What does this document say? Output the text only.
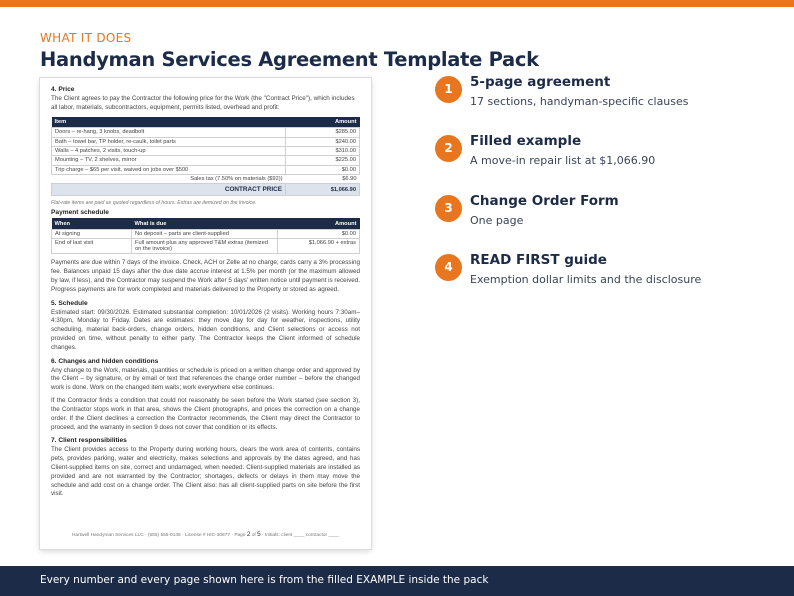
WHAT IT DOES
Handyman Services Agreement Template Pack
4. Price

The Client agrees to pay the Contractor the following price for the Work (the "Contract Price"), which includes all labor, materials, subcontractors, equipment, permits listed, overhead and profit:

Item	Amount
Doors – re-hang, 3 knobs, deadbolt	$285.00
Bath – towel bar, TP holder, re-caulk, toilet parts	$240.00
Walls – 4 patches, 2 visits, touch-up	$310.00
Mounting – TV, 2 shelves, mirror	$225.00
Trip charge – $65 per visit, waived on jobs over $500	$0.00
Sales tax (7.50% on materials ($92))	$6.90
CONTRACT PRICE	$1,066.90
Flat-rate items are paid as quoted regardless of hours. Extras are itemized on the invoice.
Payment schedule
When	What is due	Amount
At signing	No deposit – parts are client-supplied	$0.00
End of last visit	Full amount plus any approved T&M extras (itemized on the invoice)	$1,066.90 + extras

Payments are due within 7 days of the invoice. Check, ACH or Zelle at no charge; cards carry a 3% processing fee. Balances unpaid 15 days after the due date accrue interest at 1.5% per month (or the maximum allowed by law, if less), and the Contractor may suspend the Work after 5 days' written notice until payment is received. Progress payments are for work completed and materials delivered to the Property or stored as agreed.

5. Schedule

Estimated start: 09/30/2026. Estimated substantial completion: 10/01/2026 (2 visits). Working hours 7:30am–4:30pm, Monday to Friday. Dates are estimates: they move day for day for weather, inspections, utility scheduling, material back-orders, change orders, hidden conditions, and Client selections or access not provided on time, without penalty to either party. The Contractor keeps the Client informed of schedule changes.

6. Changes and hidden conditions

Any change to the Work, materials, quantities or schedule is priced on a written change order and approved by the Client – by signature, or by email or text that references the change order number – before the changed work is done. Work on the changed item waits; work everywhere else continues.

If the Contractor finds a condition that could not reasonably be seen before the Work started (see section 3), the Contractor stops work in that area, shows the Client photographs, and prices the correction on a change order. If the Client declines a correction the Contractor recommends, the Client may direct the Contractor to proceed, and the warranty in section 9 does not cover that condition or its effects.

7. Client responsibilities

The Client provides access to the Property during working hours, clears the work area of contents, contains pets, provides parking, water and electricity, makes selections and approvals by the dates agreed, and has Client-supplied items on site, correct and undamaged, when needed. Client-supplied materials are installed as provided and are not warranted by the Contractor; shortages, defects or delays in them may move the schedule and add cost on a change order. The Client also: has all client-supplied parts on site before the first visit.

Hartwell Handyman Services LLC · (555) 555-0146 · License # HIC-30877 · Page 2 of 5 · Initials: client ____ contractor ____
1	5-page agreement
17 sections, handyman-specific clauses
2	Filled example
A move-in repair list at $1,066.90
3	Change Order Form
One page
4	READ FIRST guide
Exemption dollar limits and the disclosure
Every number and every page shown here is from the filled EXAMPLE inside the pack
